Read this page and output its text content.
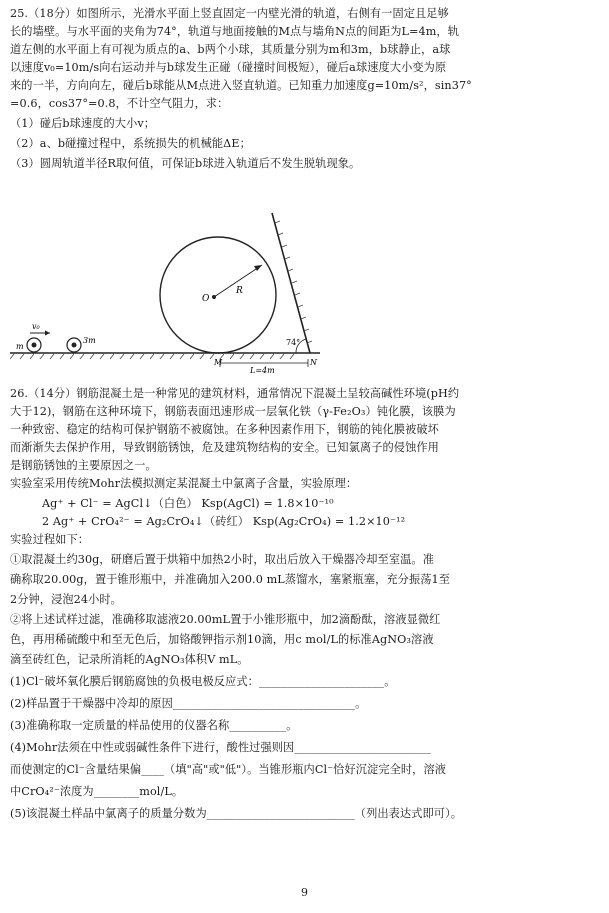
25.（18分）如图所示，光滑水平面上竖直固定一内壁光滑的轨道，右侧有一固定且足够
长的墙壁。与水平面的夹角为74°，轨道与地面接触的M点与墙角N点的间距为L=4m，轨
道左侧的水平面上有可视为质点的a、b两个小球，其质量分别为m和3m，b球静止，a球
以速度v₀=10m/s向右运动并与b球发生正碰（碰撞时间极短），碰后a球速度大小变为原
来的一半，方向向左，碰后b球能从M点进入竖直轨道。已知重力加速度g=10m/s²，sin37°
=0.6，cos37°=0.8，不计空气阻力，求：
（1）碰后b球速度的大小v；
（2）a、b碰撞过程中，系统损失的机械能ΔE；
（3）圆周轨道半径R取何值，可保证b球进入轨道后不发生脱轨现象。
O
R
74°
M	N
L=4m
m
v₀
3m
26.（14分）钢筋混凝土是一种常见的建筑材料，通常情况下混凝土呈较高碱性环境(pH约
大于12)，钢筋在这种环境下，钢筋表面迅速形成一层氧化铁（γ-Fe₂O₃）钝化膜，该膜为
一种致密、稳定的结构可保护钢筋不被腐蚀。在多种因素作用下，钢筋的钝化膜被破坏
而渐渐失去保护作用，导致钢筋锈蚀，危及建筑物结构的安全。已知氯离子的侵蚀作用
是钢筋锈蚀的主要原因之一。
实验室采用传统Mohr法模拟测定某混凝土中氯离子含量，实验原理：
Ag⁺ + Cl⁻ = AgCl↓（白色） Ksp(AgCl) = 1.8×10⁻¹⁰
2 Ag⁺ + CrO₄²⁻ = Ag₂CrO₄↓（砖红） Ksp(Ag₂CrO₄) = 1.2×10⁻¹²
实验过程如下：
①取混凝土约30g，研磨后置于烘箱中加热2小时，取出后放入干燥器冷却至室温。准
确称取20.00g，置于锥形瓶中，并准确加入200.0 mL蒸馏水，塞紧瓶塞，充分振荡1至
2分钟，浸泡24小时。
②将上述试样过滤，准确移取滤液20.00mL置于小锥形瓶中，加2滴酚酞，溶液显微红
色，再用稀硫酸中和至无色后，加铬酸钾指示剂10滴，用c mol/L的标准AgNO₃溶液
滴至砖红色，记录所消耗的AgNO₃体积V mL。
(1)Cl⁻破坏氧化膜后钢筋腐蚀的负极电极反应式：______________________。
(2)样品置于干燥器中冷却的原因________________________________。
(3)准确称取一定质量的样品使用的仪器名称__________。
(4)Mohr法须在中性或弱碱性条件下进行，酸性过强则因________________________
而使测定的Cl⁻含量结果偏____（填"高"或"低"）。当锥形瓶内Cl⁻恰好沉淀完全时，溶液
中CrO₄²⁻浓度为________mol/L。
(5)该混凝土样品中氯离子的质量分数为__________________________（列出表达式即可）。
9
